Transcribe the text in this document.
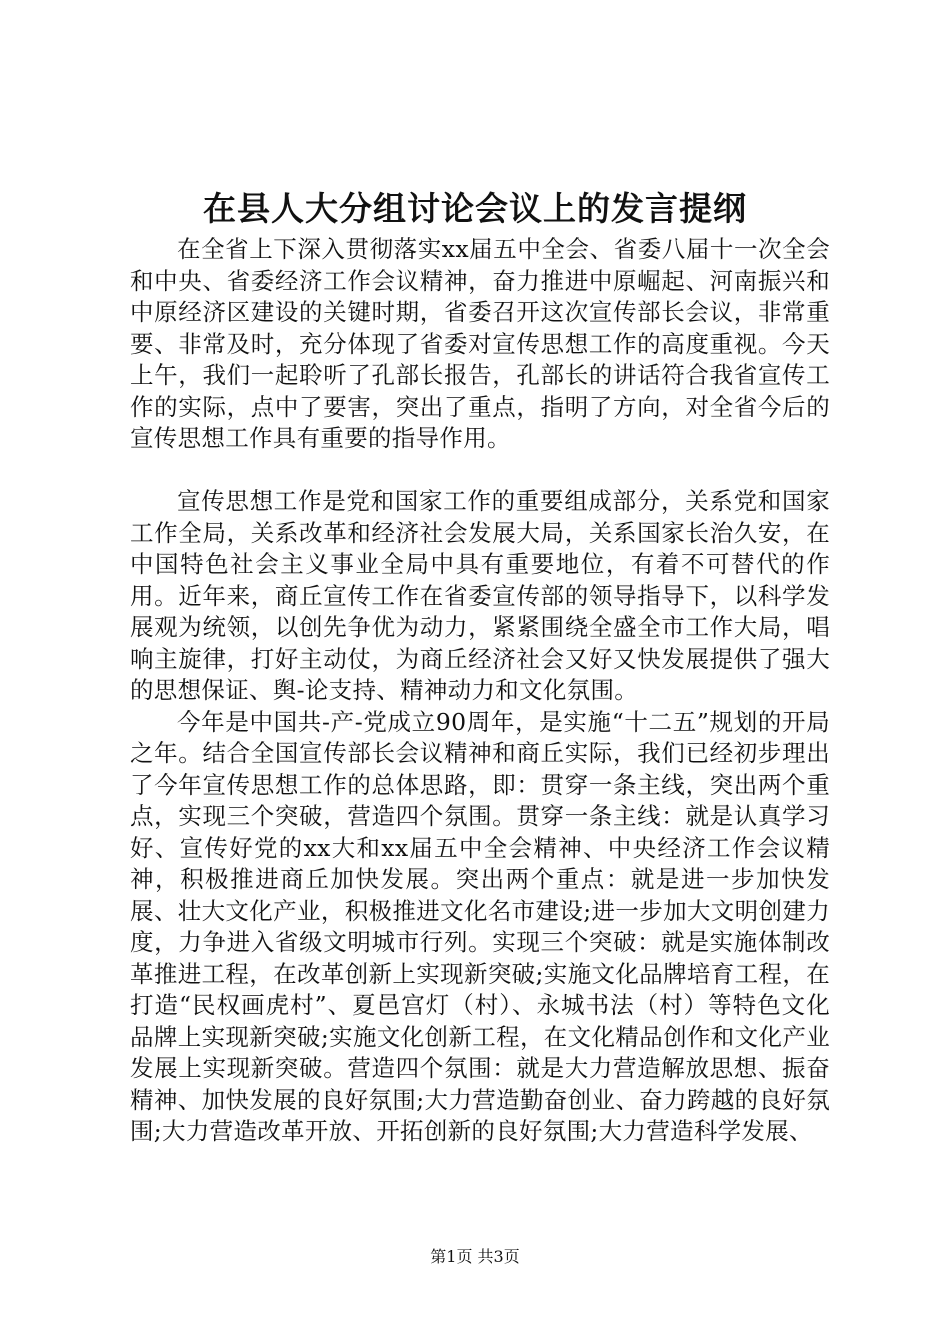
在县人大分组讨论会议上的发言提纲

在全省上下深入贯彻落实xx届五中全会、省委八届十一次全会和中央、省委经济工作会议精神，奋力推进中原崛起、河南振兴和中原经济区建设的关键时期，省委召开这次宣传部长会议，非常重要、非常及时，充分体现了省委对宣传思想工作的高度重视。今天上午，我们一起聆听了孔部长报告，孔部长的讲话符合我省宣传工作的实际，点中了要害，突出了重点，指明了方向，对全省今后的宣传思想工作具有重要的指导作用。

宣传思想工作是党和国家工作的重要组成部分，关系党和国家工作全局，关系改革和经济社会发展大局，关系国家长治久安，在中国特色社会主义事业全局中具有重要地位，有着不可替代的作用。近年来，商丘宣传工作在省委宣传部的领导指导下，以科学发展观为统领，以创先争优为动力，紧紧围绕全盛全市工作大局，唱响主旋律，打好主动仗，为商丘经济社会又好又快发展提供了强大的思想保证、舆-论支持、精神动力和文化氛围。

今年是中国共-产-党成立90周年，是实施“十二五”规划的开局之年。结合全国宣传部长会议精神和商丘实际，我们已经初步理出了今年宣传思想工作的总体思路，即：贯穿一条主线，突出两个重点，实现三个突破，营造四个氛围。贯穿一条主线：就是认真学习好、宣传好党的xx大和xx届五中全会精神、中央经济工作会议精神，积极推进商丘加快发展。突出两个重点：就是进一步加快发展、壮大文化产业，积极推进文化名市建设;进一步加大文明创建力度，力争进入省级文明城市行列。实现三个突破：就是实施体制改革推进工程，在改革创新上实现新突破;实施文化品牌培育工程，在打造“民权画虎村”、夏邑宫灯（村）、永城书法（村）等特色文化品牌上实现新突破;实施文化创新工程，在文化精品创作和文化产业发展上实现新突破。营造四个氛围：就是大力营造解放思想、振奋精神、加快发展的良好氛围;大力营造勤奋创业、奋力跨越的良好氛围;大力营造改革开放、开拓创新的良好氛围;大力营造科学发展、

第1页 共3页
